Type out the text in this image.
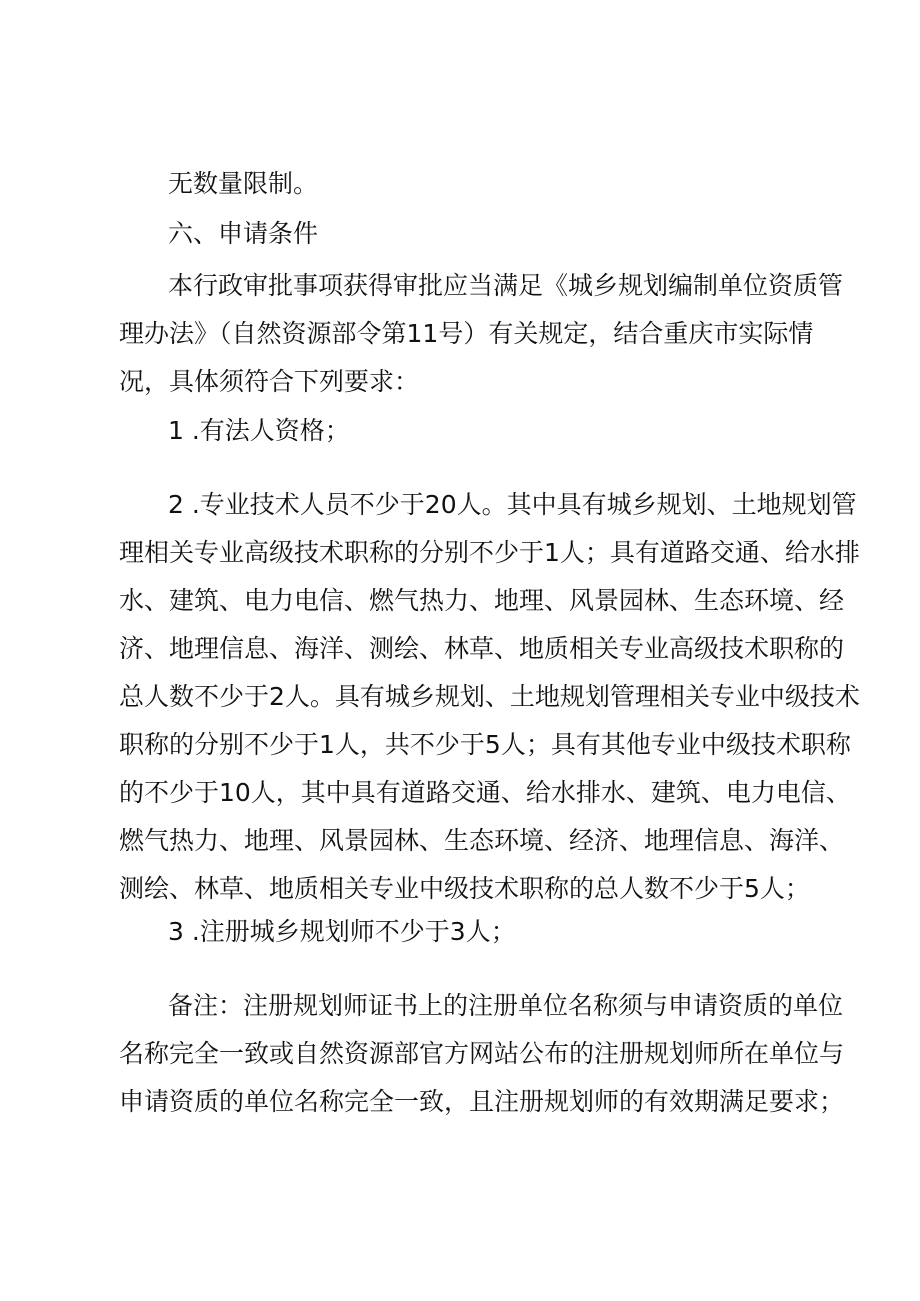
无数量限制。
六、申请条件
本行政审批事项获得审批应当满足《城乡规划编制单位资质管
理办法》（自然资源部令第11号）有关规定，结合重庆市实际情
况，具体须符合下列要求：
1 .有法人资格；
2 .专业技术人员不少于20人。其中具有城乡规划、土地规划管
理相关专业高级技术职称的分别不少于1人；具有道路交通、给水排
水、建筑、电力电信、燃气热力、地理、风景园林、生态环境、经
济、地理信息、海洋、测绘、林草、地质相关专业高级技术职称的
总人数不少于2人。具有城乡规划、土地规划管理相关专业中级技术
职称的分别不少于1人，共不少于5人；具有其他专业中级技术职称
的不少于10人，其中具有道路交通、给水排水、建筑、电力电信、
燃气热力、地理、风景园林、生态环境、经济、地理信息、海洋、
测绘、林草、地质相关专业中级技术职称的总人数不少于5人；
3 .注册城乡规划师不少于3人；
备注：注册规划师证书上的注册单位名称须与申请资质的单位
名称完全一致或自然资源部官方网站公布的注册规划师所在单位与
申请资质的单位名称完全一致，且注册规划师的有效期满足要求；
